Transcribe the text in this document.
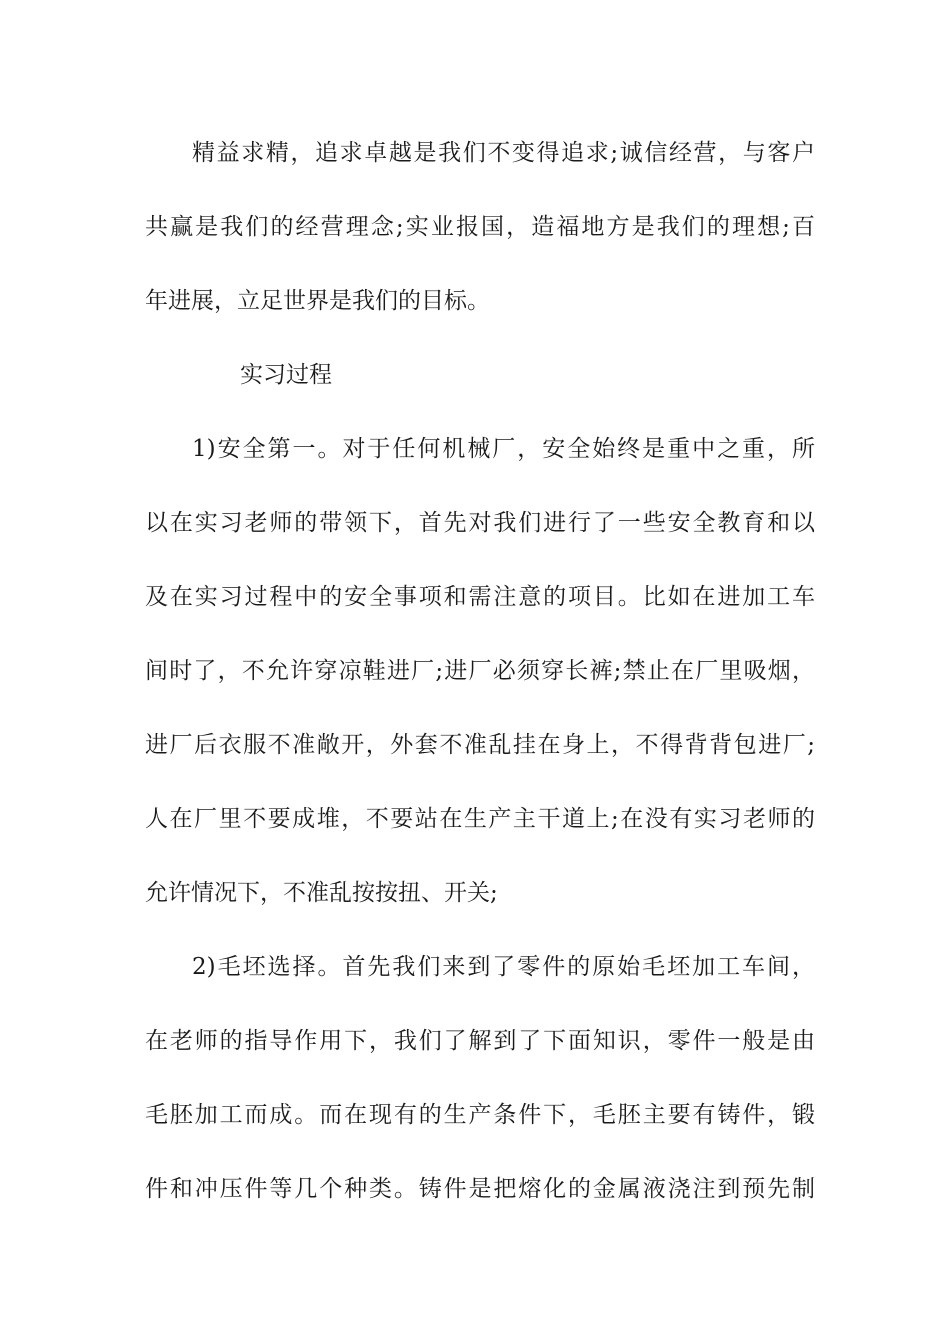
精益求精，追求卓越是我们不变得追求;诚信经营，与客户
共赢是我们的经营理念;实业报国，造福地方是我们的理想;百
年进展，立足世界是我们的目标。
实习过程
1)安全第一。对于任何机械厂，安全始终是重中之重，所
以在实习老师的带领下，首先对我们进行了一些安全教育和以
及在实习过程中的安全事项和需注意的项目。比如在进加工车
间时了，不允许穿凉鞋进厂;进厂必须穿长裤;禁止在厂里吸烟，
进厂后衣服不准敞开，外套不准乱挂在身上，不得背背包进厂;
人在厂里不要成堆，不要站在生产主干道上;在没有实习老师的
允许情况下，不准乱按按扭、开关;
2)毛坯选择。首先我们来到了零件的原始毛坯加工车间，
在老师的指导作用下，我们了解到了下面知识，零件一般是由
毛胚加工而成。而在现有的生产条件下，毛胚主要有铸件，锻
件和冲压件等几个种类。铸件是把熔化的金属液浇注到预先制
